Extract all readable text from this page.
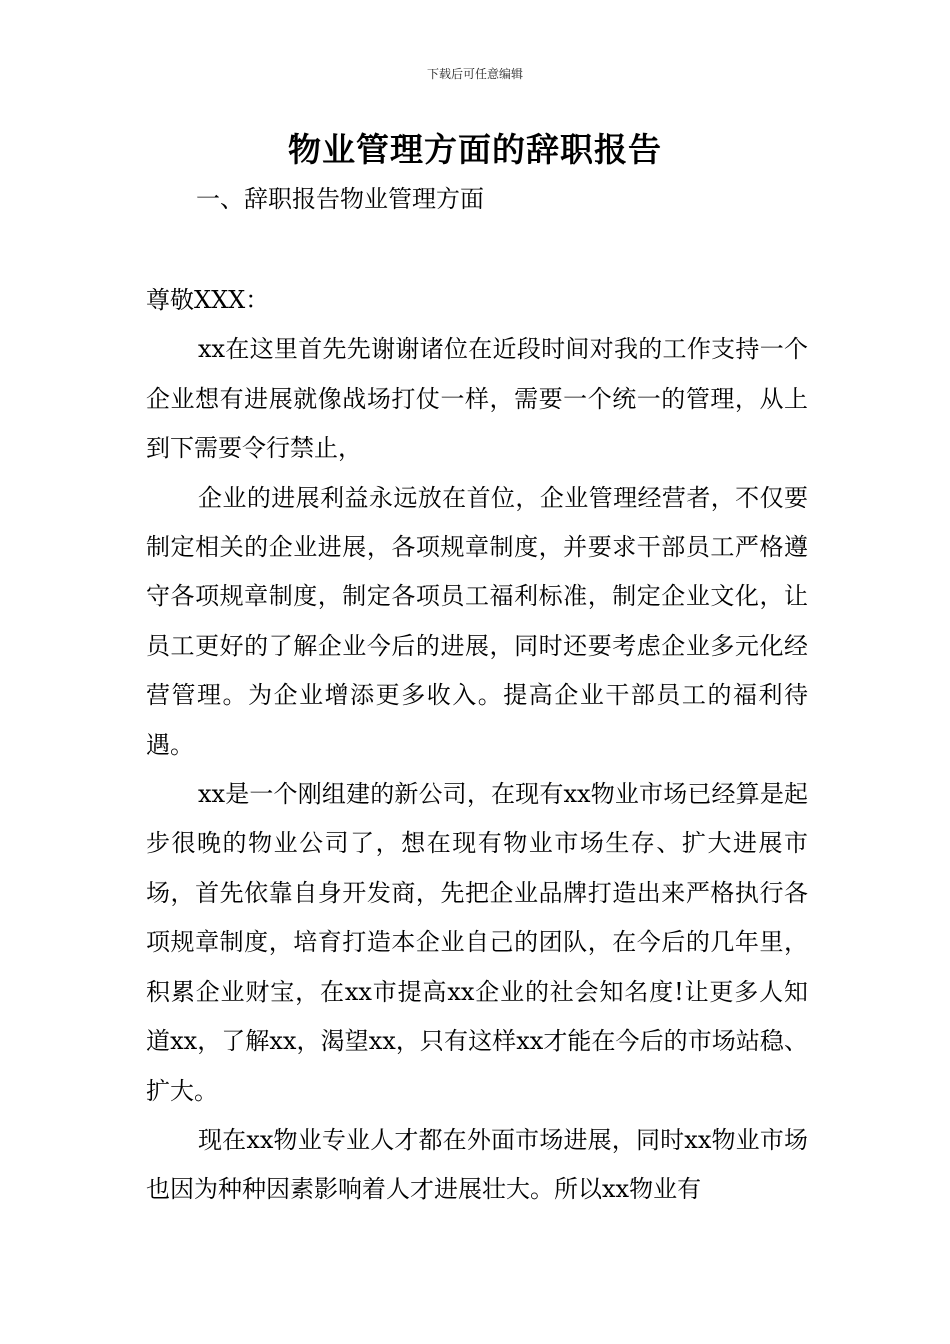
下载后可任意编辑
物业管理方面的辞职报告
一、辞职报告物业管理方面

尊敬XXX：

xx在这里首先先谢谢诸位在近段时间对我的工作支持一个企业想有进展就像战场打仗一样，需要一个统一的管理，从上到下需要令行禁止，

企业的进展利益永远放在首位，企业管理经营者，不仅要制定相关的企业进展，各项规章制度，并要求干部员工严格遵守各项规章制度，制定各项员工福利标准，制定企业文化，让员工更好的了解企业今后的进展，同时还要考虑企业多元化经营管理。为企业增添更多收入。提高企业干部员工的福利待遇。

xx是一个刚组建的新公司，在现有xx物业市场已经算是起步很晚的物业公司了，想在现有物业市场生存、扩大进展市场，首先依靠自身开发商，先把企业品牌打造出来严格执行各项规章制度，培育打造本企业自己的团队，在今后的几年里，积累企业财宝，在xx市提高xx企业的社会知名度!让更多人知道xx，了解xx，渴望xx，只有这样xx才能在今后的市场站稳、扩大。

现在xx物业专业人才都在外面市场进展，同时xx物业市场也因为种种因素影响着人才进展壮大。所以xx物业有
